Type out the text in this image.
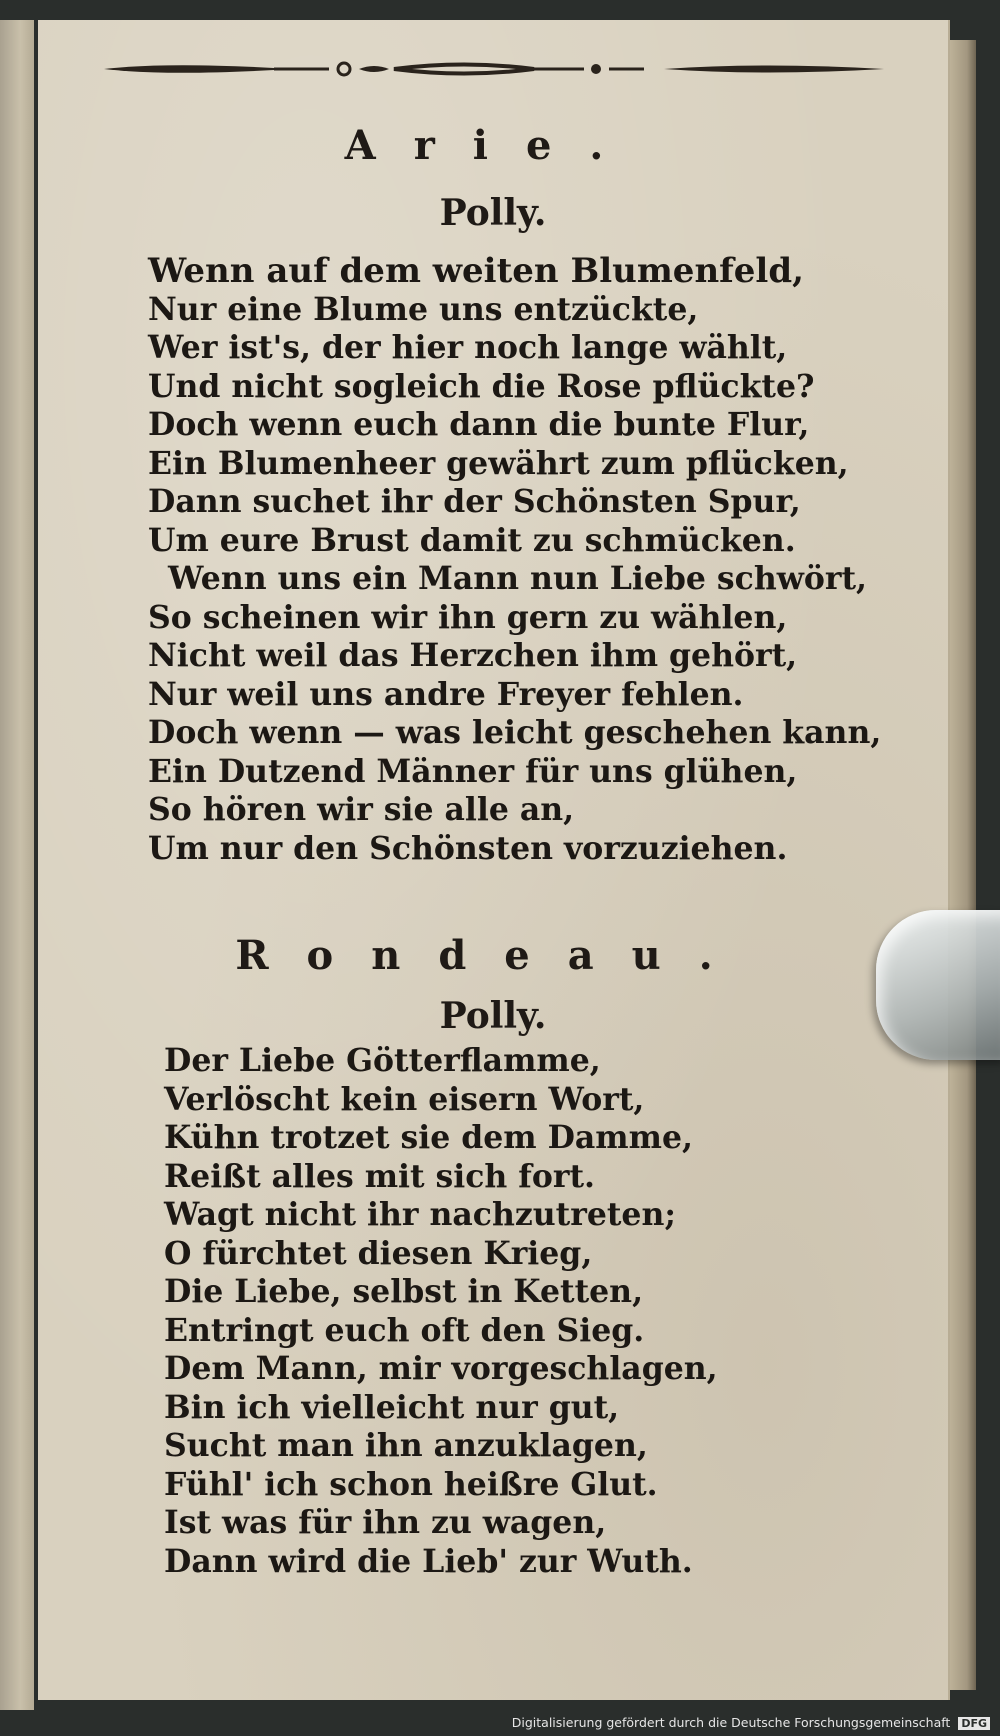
Arie.
Polly.
Wenn auf dem weiten Blumenfeld,
Nur eine Blume uns entzückte,
Wer ist's, der hier noch lange wählt,
Und nicht sogleich die Rose pflückte?
Doch wenn euch dann die bunte Flur,
Ein Blumenheer gewährt zum pflücken,
Dann suchet ihr der Schönsten Spur,
Um eure Brust damit zu schmücken.
Wenn uns ein Mann nun Liebe schwört,
So scheinen wir ihn gern zu wählen,
Nicht weil das Herzchen ihm gehört,
Nur weil uns andre Freyer fehlen.
Doch wenn — was leicht geschehen kann,
Ein Dutzend Männer für uns glühen,
So hören wir sie alle an,
Um nur den Schönsten vorzuziehen.
Rondeau.
Polly.
Der Liebe Götterflamme,
Verlöscht kein eisern Wort,
Kühn trotzet sie dem Damme,
Reißt alles mit sich fort.
Wagt nicht ihr nachzutreten;
O fürchtet diesen Krieg,
Die Liebe, selbst in Ketten,
Entringt euch oft den Sieg.
Dem Mann, mir vorgeschlagen,
Bin ich vielleicht nur gut,
Sucht man ihn anzuklagen,
Fühl' ich schon heißre Glut.
Ist was für ihn zu wagen,
Dann wird die Lieb' zur Wuth.
Digitalisierung gefördert durch die Deutsche Forschungsgemeinschaft DFG
